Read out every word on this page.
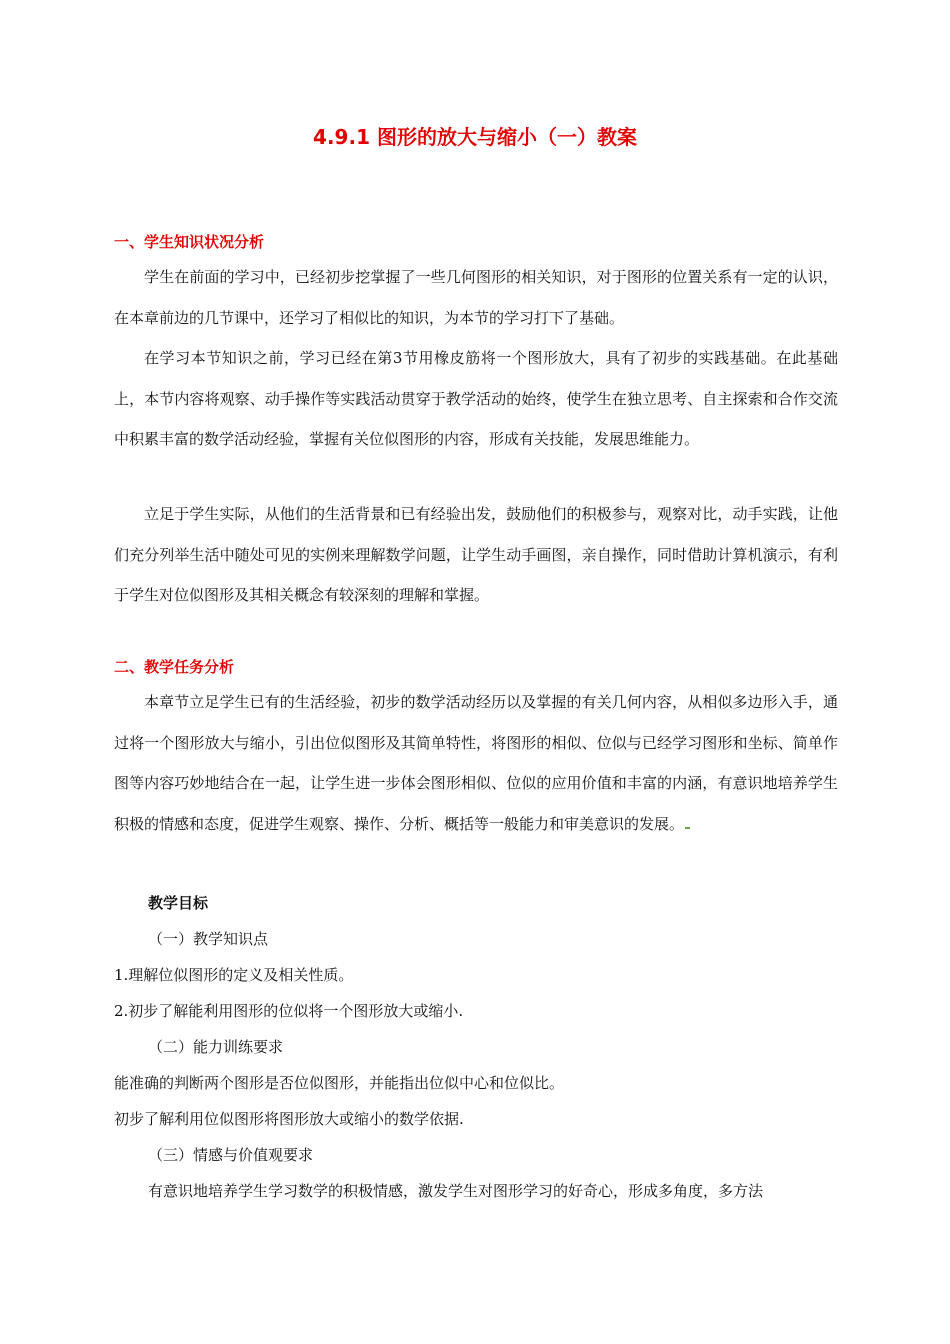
4.9.1 图形的放大与缩小（一）教案
一、学生知识状况分析

学生在前面的学习中，已经初步挖掌握了一些几何图形的相关知识，对于图形的位置关系有一定的认识，在本章前边的几节课中，还学习了相似比的知识，为本节的学习打下了基础。

在学习本节知识之前，学习已经在第3节用橡皮筋将一个图形放大，具有了初步的实践基础。在此基础上，本节内容将观察、动手操作等实践活动贯穿于教学活动的始终，使学生在独立思考、自主探索和合作交流中积累丰富的数学活动经验，掌握有关位似图形的内容，形成有关技能，发展思维能力。

立足于学生实际，从他们的生活背景和已有经验出发，鼓励他们的积极参与，观察对比，动手实践，让他们充分列举生活中随处可见的实例来理解数学问题，让学生动手画图，亲自操作，同时借助计算机演示，有利于学生对位似图形及其相关概念有较深刻的理解和掌握。

二、教学任务分析

本章节立足学生已有的生活经验，初步的数学活动经历以及掌握的有关几何内容，从相似多边形入手，通过将一个图形放大与缩小，引出位似图形及其简单特性，将图形的相似、位似与已经学习图形和坐标、简单作图等内容巧妙地结合在一起，让学生进一步体会图形相似、位似的应用价值和丰富的内涵，有意识地培养学生积极的情感和态度，促进学生观察、操作、分析、概括等一般能力和审美意识的发展。

教学目标
（一）教学知识点
1.理解位似图形的定义及相关性质。
2.初步了解能利用图形的位似将一个图形放大或缩小.
（二）能力训练要求
能准确的判断两个图形是否位似图形，并能指出位似中心和位似比。
初步了解利用位似图形将图形放大或缩小的数学依据.
（三）情感与价值观要求
有意识地培养学生学习数学的积极情感，激发学生对图形学习的好奇心，形成多角度，多方法
